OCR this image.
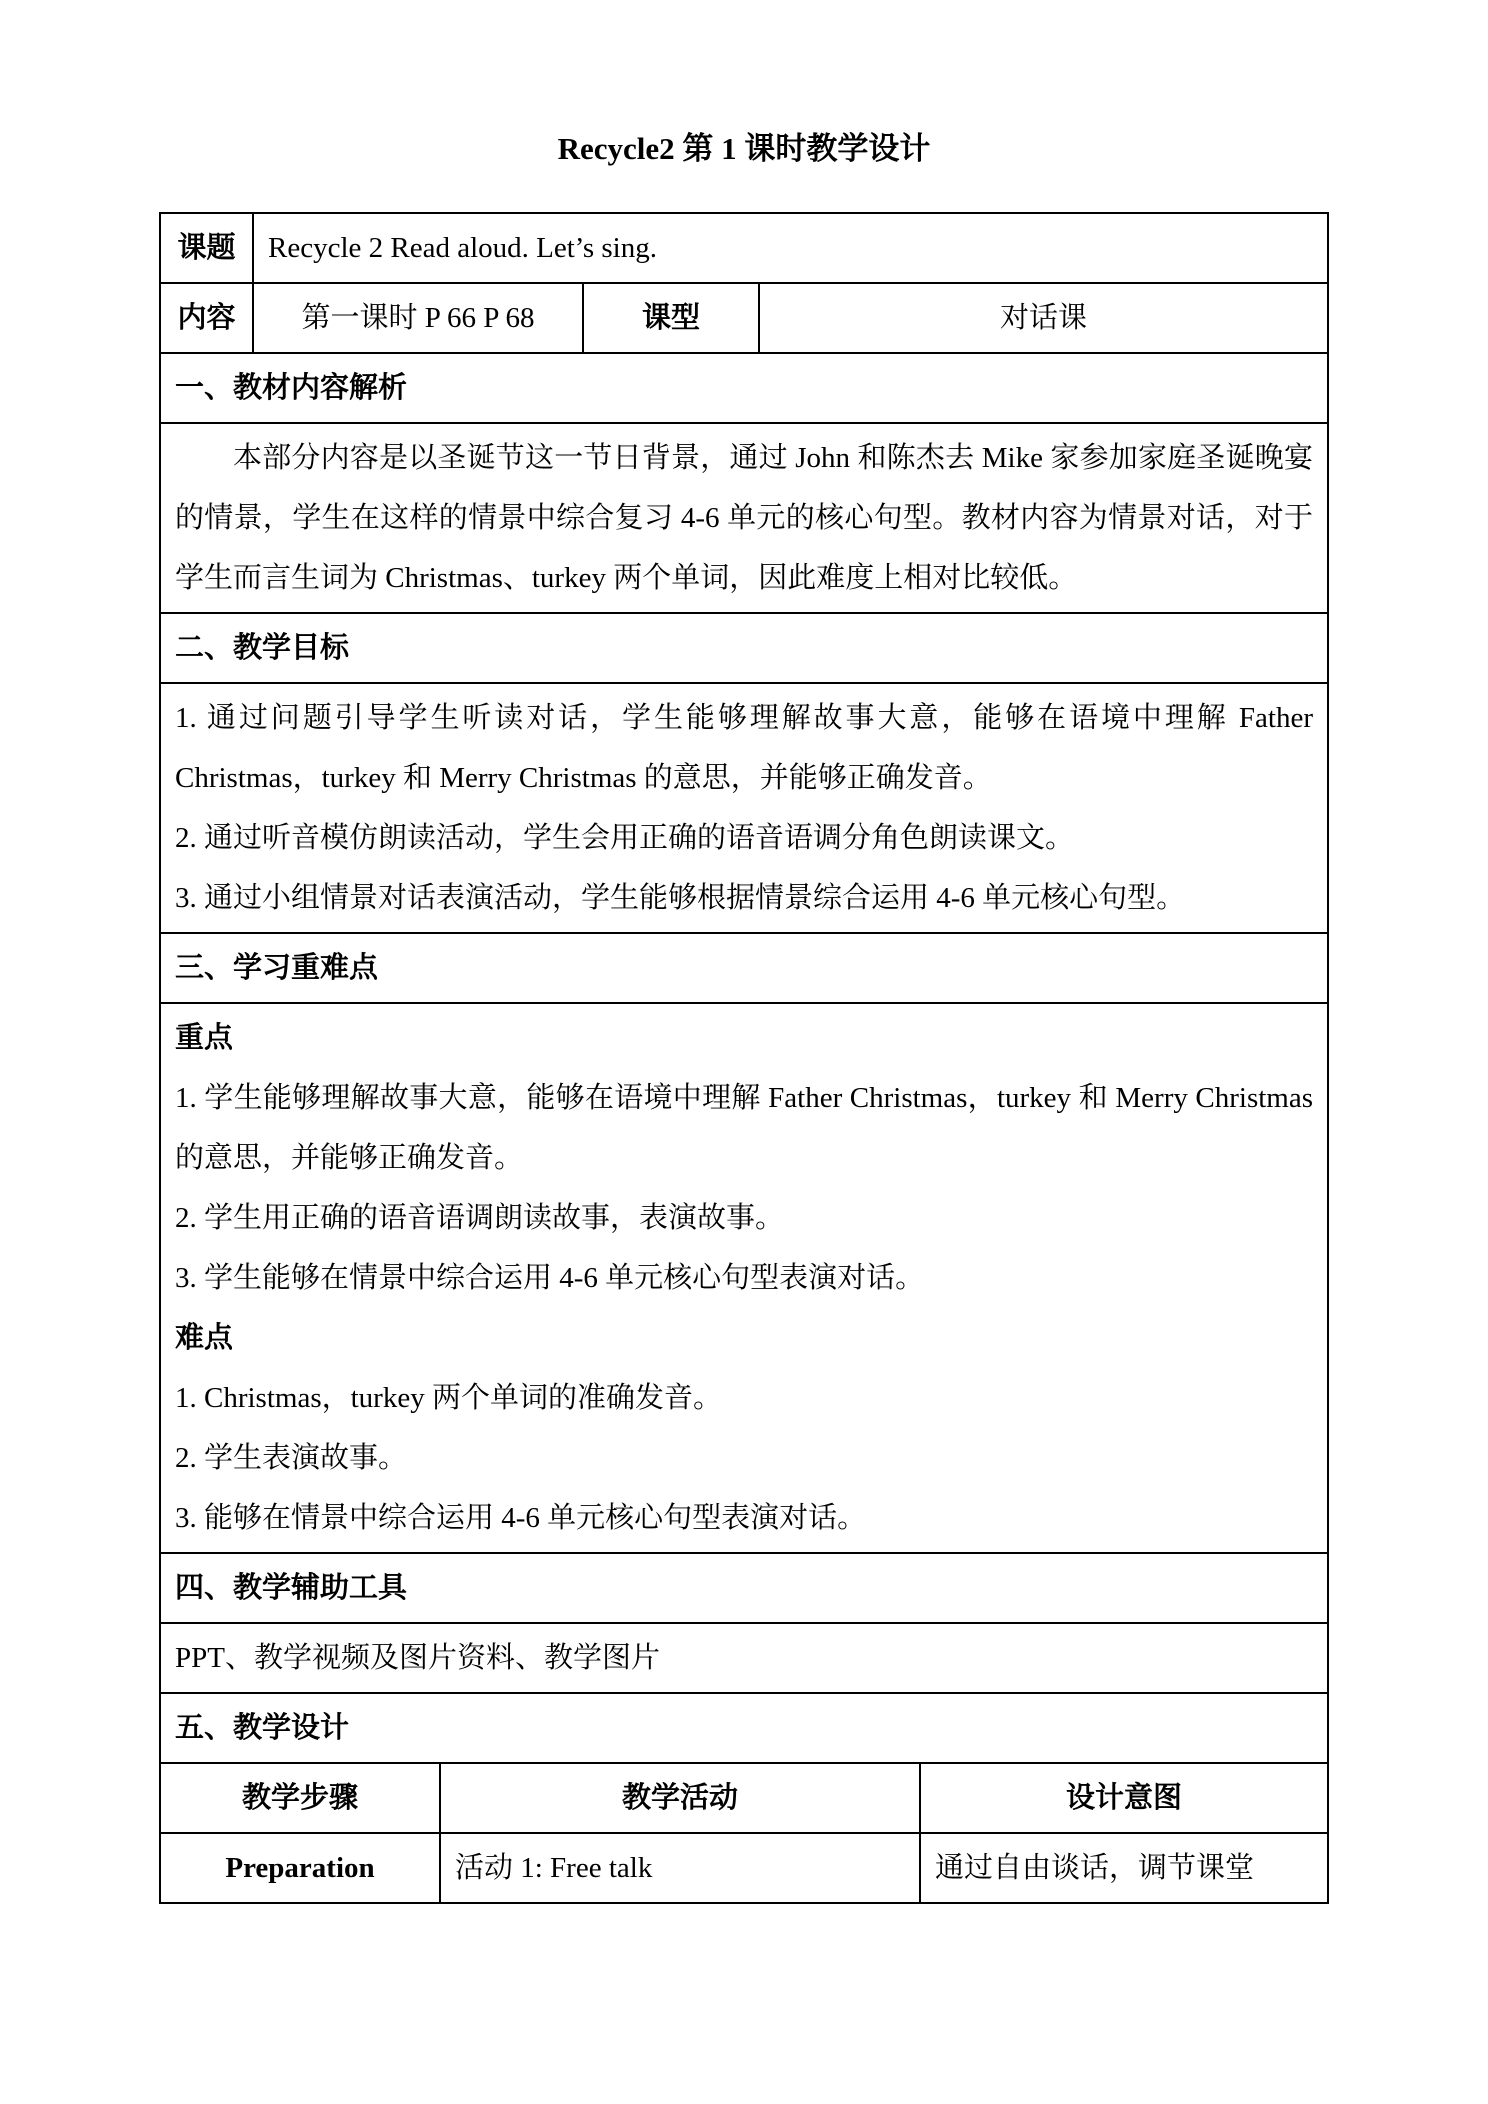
Recycle2 第 1 课时教学设计
课题	Recycle 2 Read aloud. Let’s sing.
内容	第一课时 P 66 P 68	课型	对话课
一、教材内容解析
本部分内容是以圣诞节这一节日背景，通过 John 和陈杰去 Mike 家参加家庭圣诞晚宴的情景，学生在这样的情景中综合复习 4-6 单元的核心句型。教材内容为情景对话，对于学生而言生词为 Christmas、turkey 两个单词，因此难度上相对比较低。
二、教学目标

1. 通过问题引导学生听读对话，学生能够理解故事大意，能够在语境中理解 Father Christmas，turkey 和 Merry Christmas 的意思，并能够正确发音。

2. 通过听音模仿朗读活动，学生会用正确的语音语调分角色朗读课文。

3. 通过小组情景对话表演活动，学生能够根据情景综合运用 4-6 单元核心句型。

三、学习重难点

重点

1. 学生能够理解故事大意，能够在语境中理解 Father Christmas，turkey 和 Merry Christmas 的意思，并能够正确发音。

2. 学生用正确的语音语调朗读故事，表演故事。

3. 学生能够在情景中综合运用 4-6 单元核心句型表演对话。

难点

1. Christmas，turkey 两个单词的准确发音。

2. 学生表演故事。

3. 能够在情景中综合运用 4-6 单元核心句型表演对话。

四、教学辅助工具
PPT、教学视频及图片资料、教学图片
五、教学设计
教学步骤	教学活动	设计意图
Preparation	活动 1: Free talk	通过自由谈话，调节课堂
